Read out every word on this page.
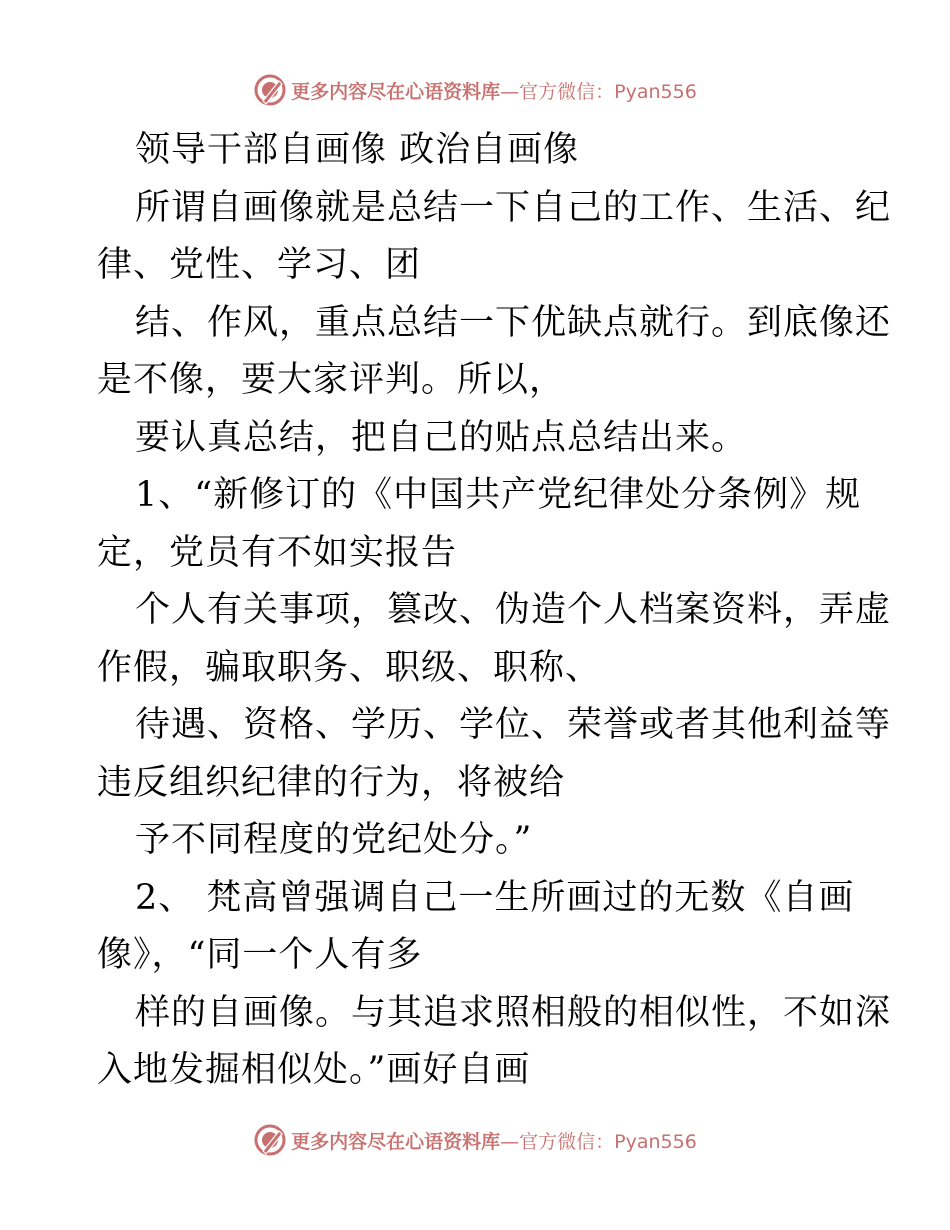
更多内容尽在心语资料库 —官方微信：Pyan556
领导干部自画像 政治自画像
所谓自画像就是总结一下自己的工作、生活、纪
律、党性、学习、团
结、作风，重点总结一下优缺点就行。到底像还
是不像，要大家评判。所以，
要认真总结，把自己的贴点总结出来。
1、“新修订的《中国共产党纪律处分条例》规
定，党员有不如实报告
个人有关事项，篡改、伪造个人档案资料，弄虚
作假，骗取职务、职级、职称、
待遇、资格、学历、学位、荣誉或者其他利益等
违反组织纪律的行为，将被给
予不同程度的党纪处分。”
2、 梵高曾强调自己一生所画过的无数《自画
像》，“同一个人有多
样的自画像。与其追求照相般的相似性，不如深
入地发掘相似处。”画好自画
更多内容尽在心语资料库 —官方微信：Pyan556
